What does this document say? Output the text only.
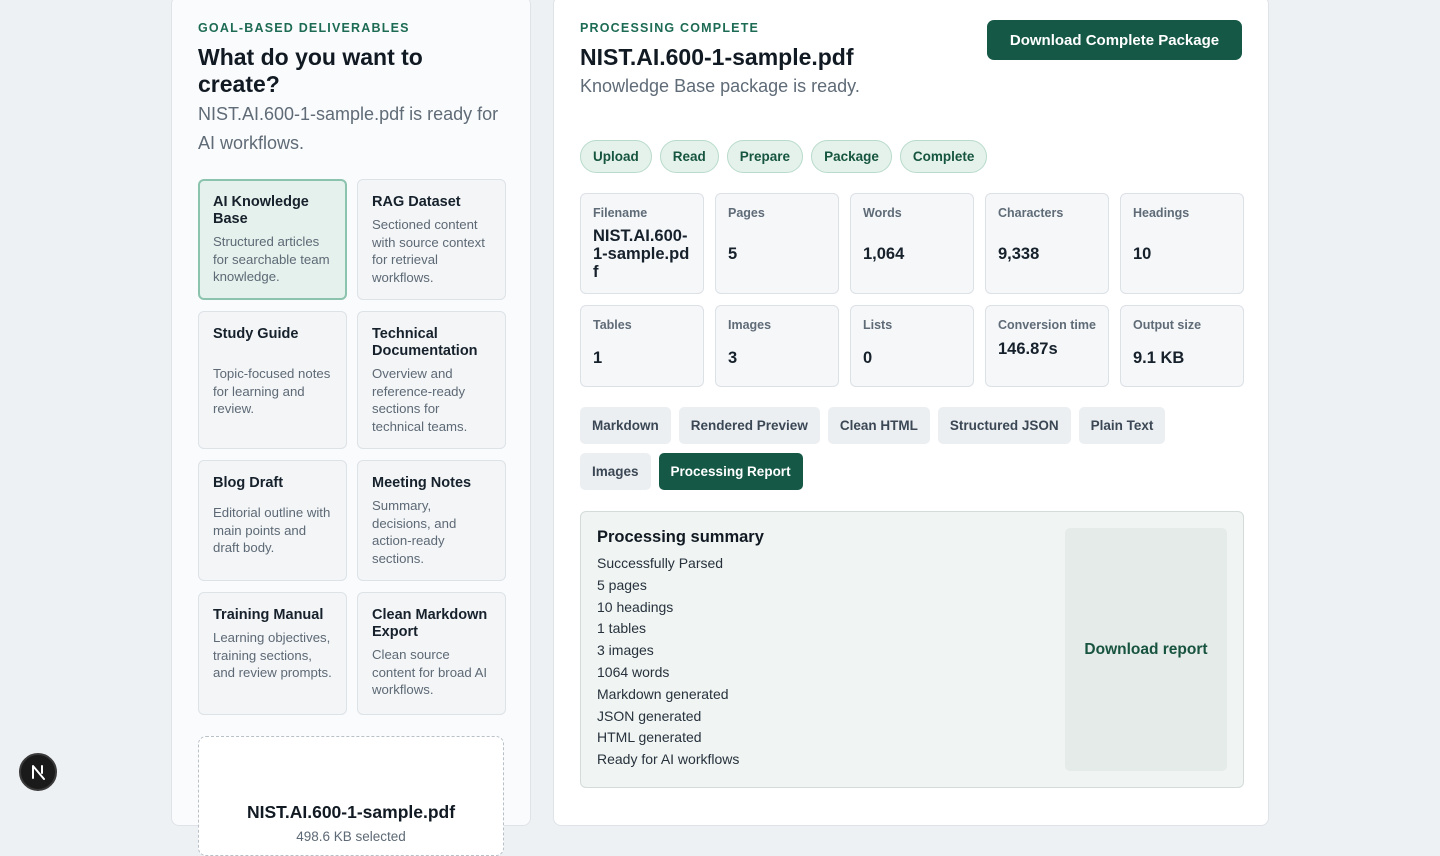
GOAL-BASED DELIVERABLES
What do you want to create?

NIST.AI.600-1-sample.pdf is ready for AI workflows.

AI Knowledge Base
Structured articles for searchable team knowledge.
RAG Dataset
Sectioned content with source context for retrieval workflows.
Study Guide
Topic-focused notes for learning and review.
Technical Documentation
Overview and reference-ready sections for technical teams.
Blog Draft
Editorial outline with main points and draft body.
Meeting Notes
Summary, decisions, and action-ready sections.
Training Manual
Learning objectives, training sections, and review prompts.
Clean Markdown Export
Clean source content for broad AI workflows.
NIST.AI.600-1-sample.pdf
498.6 KB selected
PROCESSING COMPLETE
NIST.AI.600-1-sample.pdf

Knowledge Base package is ready.

Download Complete Package
Upload	Read	Prepare	Package	Complete
Filename
NIST.AI.600-1-sample.pdf
Pages
5
Words
1,064
Characters
9,338
Headings
10
Tables
1
Images
3
Lists
0
Conversion time
146.87s
Output size
9.1 KB
Markdown	Rendered Preview	Clean HTML	Structured JSON	Plain Text
Images	Processing Report
Processing summary
Successfully Parsed
5 pages
10 headings
1 tables
3 images
1064 words
Markdown generated
JSON generated
HTML generated
Ready for AI workflows
Download report
